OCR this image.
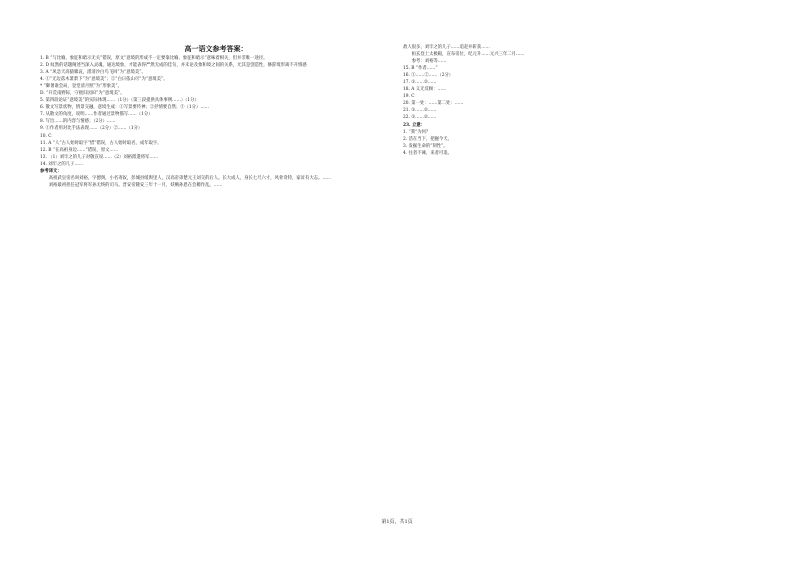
高一语文参考答案：

1. B “与比喻、象征和暗示无关”错误，原文“意境的形成不一定要靠比喻、象征和暗示”意味着相关，但并非唯一途径。

2. D 纹然的话题阐述当深入灵魂，通达境象，才能表得严然无成的佳句，并未论及象和境之间的关系，尤其是创造性，修辞境形离不开情感

3. A “风急天高猿啸哀，渚清沙白鸟飞回”为“意境美”。

4. ①“无边落木萧萧下”为“意境美”；②“白日依山尽”为“意境美”。

* “御暑谁会局，登堂清月照”为“形象美”。

D. “开荒南野际，守拙归园田”为“意境美”。

5. 第四段论证“意境美”的实际体现……（1分）（第三段提供具体事例……）（1分）

6. 散文写景状物，情景交融，意境生成：①写景要传神；②抒情要自然；③（1分）……

7. 从散文的角度，说明……作者通过景物描写……（1分）

8. 写出……的内容与情感；（2分）……

9. ①作者用对比手法表现……（2分）②……（1分）

10. C

11. A “人”古人始时取字“惜”错误，古人始时取名，成年取字。

12. B “在高祖身边……”错误，原文……

13. （1）刘牢之的儿子对敬宣说……（2）刘裕派遣将军……

14. 刘牢之的儿子……

参考译文：

高祖武皇帝名叫刘裕，字德舆，小名寄奴，彭城县绥舆里人，汉高帝弟楚元王刘交的后人。长大成人，身长七尺六寸，风骨奇特，家贫有大志。……

刘裕最初担任冠军将军孙无终的司马。晋安帝隆安三年十一月，妖贼孙恩在会稽作乱，……

敌人很多，刘牢之的儿子……追赶并斩获……

桓玄登上太极殿，宣布帝位，纪元升……元兴三年二月……

参考：刘裕等……

15. B “作者……”

16. ①……②……（2分）

17. ①……②……

18. A 义无反顾：……

19. C

20. 第一处：……第二处：……

21. ①……②……

22. ①……②……

23. 立意：

1. “我”为何？

2. 活在当下，把握今天。

3. 发掘生命的“韧性”。

4. 往者不谏，来者可追。

第1页，共1页
